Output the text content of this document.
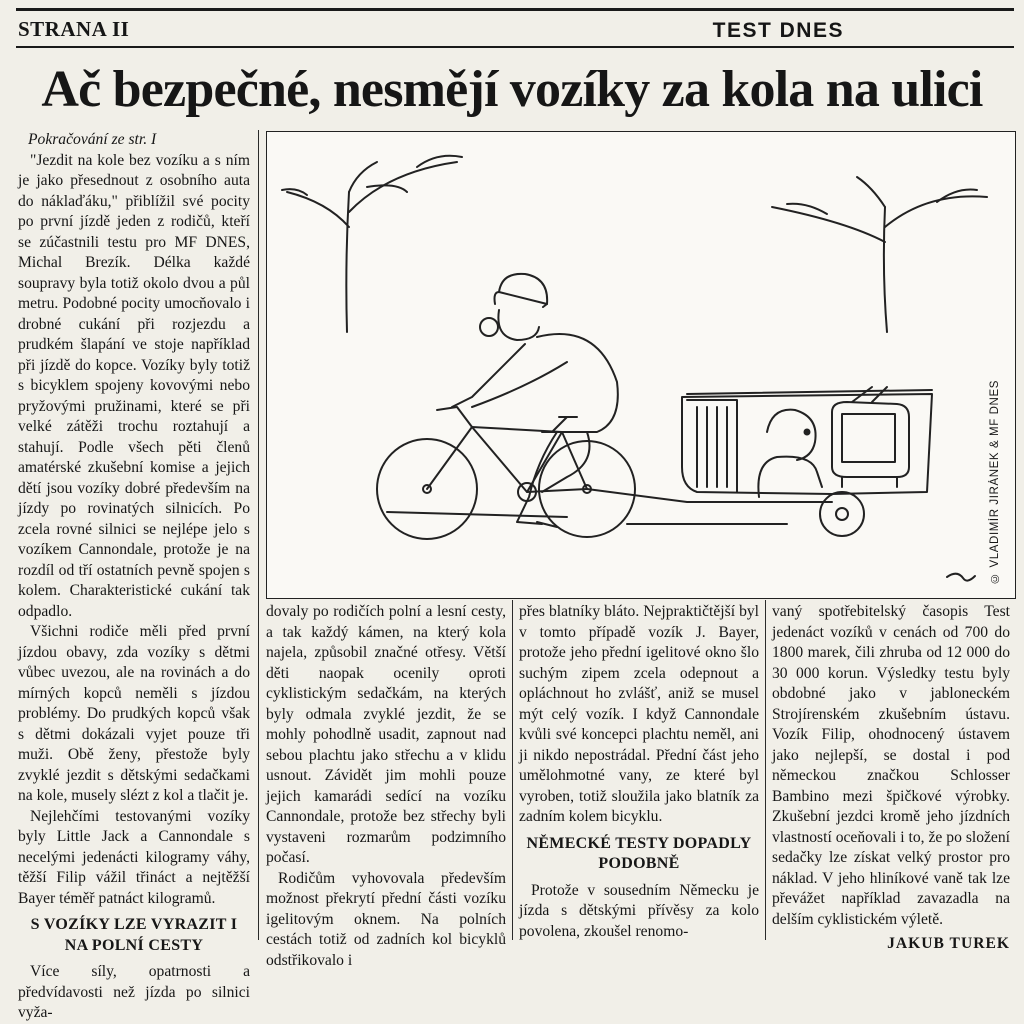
STRANA II	TEST DNES
Ač bezpečné, nesmějí vozíky za kola na ulici

Pokračování ze str. I

"Jezdit na kole bez vozíku a s ním je jako přesednout z osobního auta do náklaďáku," přiblížil své pocity po první jízdě jeden z rodičů, kteří se zúčastnili testu pro MF DNES, Michal Brezík. Délka každé soupravy byla totiž okolo dvou a půl metru. Podobné pocity umocňovalo i drobné cukání při rozjezdu a prudkém šlapání ve stoje například při jízdě do kopce. Vozíky byly totiž s bicyklem spojeny kovovými nebo pryžovými pružinami, které se při velké zátěži trochu roztahují a stahují. Podle všech pěti členů amatérské zkušební komise a jejich dětí jsou vozíky dobré především na jízdy po rovinatých silnicích. Po zcela rovné silnici se nejlépe jelo s vozíkem Cannondale, protože je na rozdíl od tří ostatních pevně spojen s kolem. Charakteristické cukání tak odpadlo.

Všichni rodiče měli před první jízdou obavy, zda vozíky s dětmi vůbec uvezou, ale na rovinách a do mírných kopců neměli s jízdou problémy. Do prudkých kopců však s dětmi dokázali vyjet pouze tři muži. Obě ženy, přestože byly zvyklé jezdit s dětskými sedačkami na kole, musely slézt z kol a tlačit je.

Nejlehčími testovanými vozíky byly Little Jack a Cannondale s necelými jedenácti kilogramy váhy, těžší Filip vážil třináct a nejtěžší Bayer téměř patnáct kilogramů.

S VOZÍKY LZE VYRAZIT I NA POLNÍ CESTY

Více síly, opatrnosti a předvídavosti než jízda po silnici vyža-

© VLADIMÍR JIRÁNEK & MF DNES

dovaly po rodičích polní a lesní cesty, a tak každý kámen, na který kola najela, způsobil značné otřesy. Větší děti naopak ocenily oproti cyklistickým sedačkám, na kterých byly odmala zvyklé jezdit, že se mohly pohodlně usadit, zapnout nad sebou plachtu jako střechu a v klidu usnout. Závidět jim mohli pouze jejich kamarádi sedící na vozíku Cannondale, protože bez střechy byli vystaveni rozmarům podzimního počasí.

Rodičům vyhovovala především možnost překrytí přední části vozíku igelitovým oknem. Na polních cestách totiž od zadních kol bicyklů odstřikovalo i

přes blatníky bláto. Nejpraktičtější byl v tomto případě vozík J. Bayer, protože jeho přední igelitové okno šlo suchým zipem zcela odepnout a opláchnout ho zvlášť, aniž se musel mýt celý vozík. I když Cannondale kvůli své koncepci plachtu neměl, ani ji nikdo nepostrádal. Přední část jeho umělohmotné vany, ze které byl vyroben, totiž sloužila jako blatník za zadním kolem bicyklu.

NĚMECKÉ TESTY DOPADLY PODOBNĚ

Protože v sousedním Německu je jízda s dětskými přívěsy za kolo povolena, zkoušel renomo-

vaný spotřebitelský časopis Test jedenáct vozíků v cenách od 700 do 1800 marek, čili zhruba od 12 000 do 30 000 korun. Výsledky testu byly obdobné jako v jabloneckém Strojírenském zkušebním ústavu. Vozík Filip, ohodnocený ústavem jako nejlepší, se dostal i pod německou značkou Schlosser Bambino mezi špičkové výrobky. Zkušební jezdci kromě jeho jízdních vlastností oceňovali i to, že po složení sedačky lze získat velký prostor pro náklad. V jeho hliníkové vaně tak lze převážet například zavazadla na delším cyklistickém výletě.

JAKUB TUREK
